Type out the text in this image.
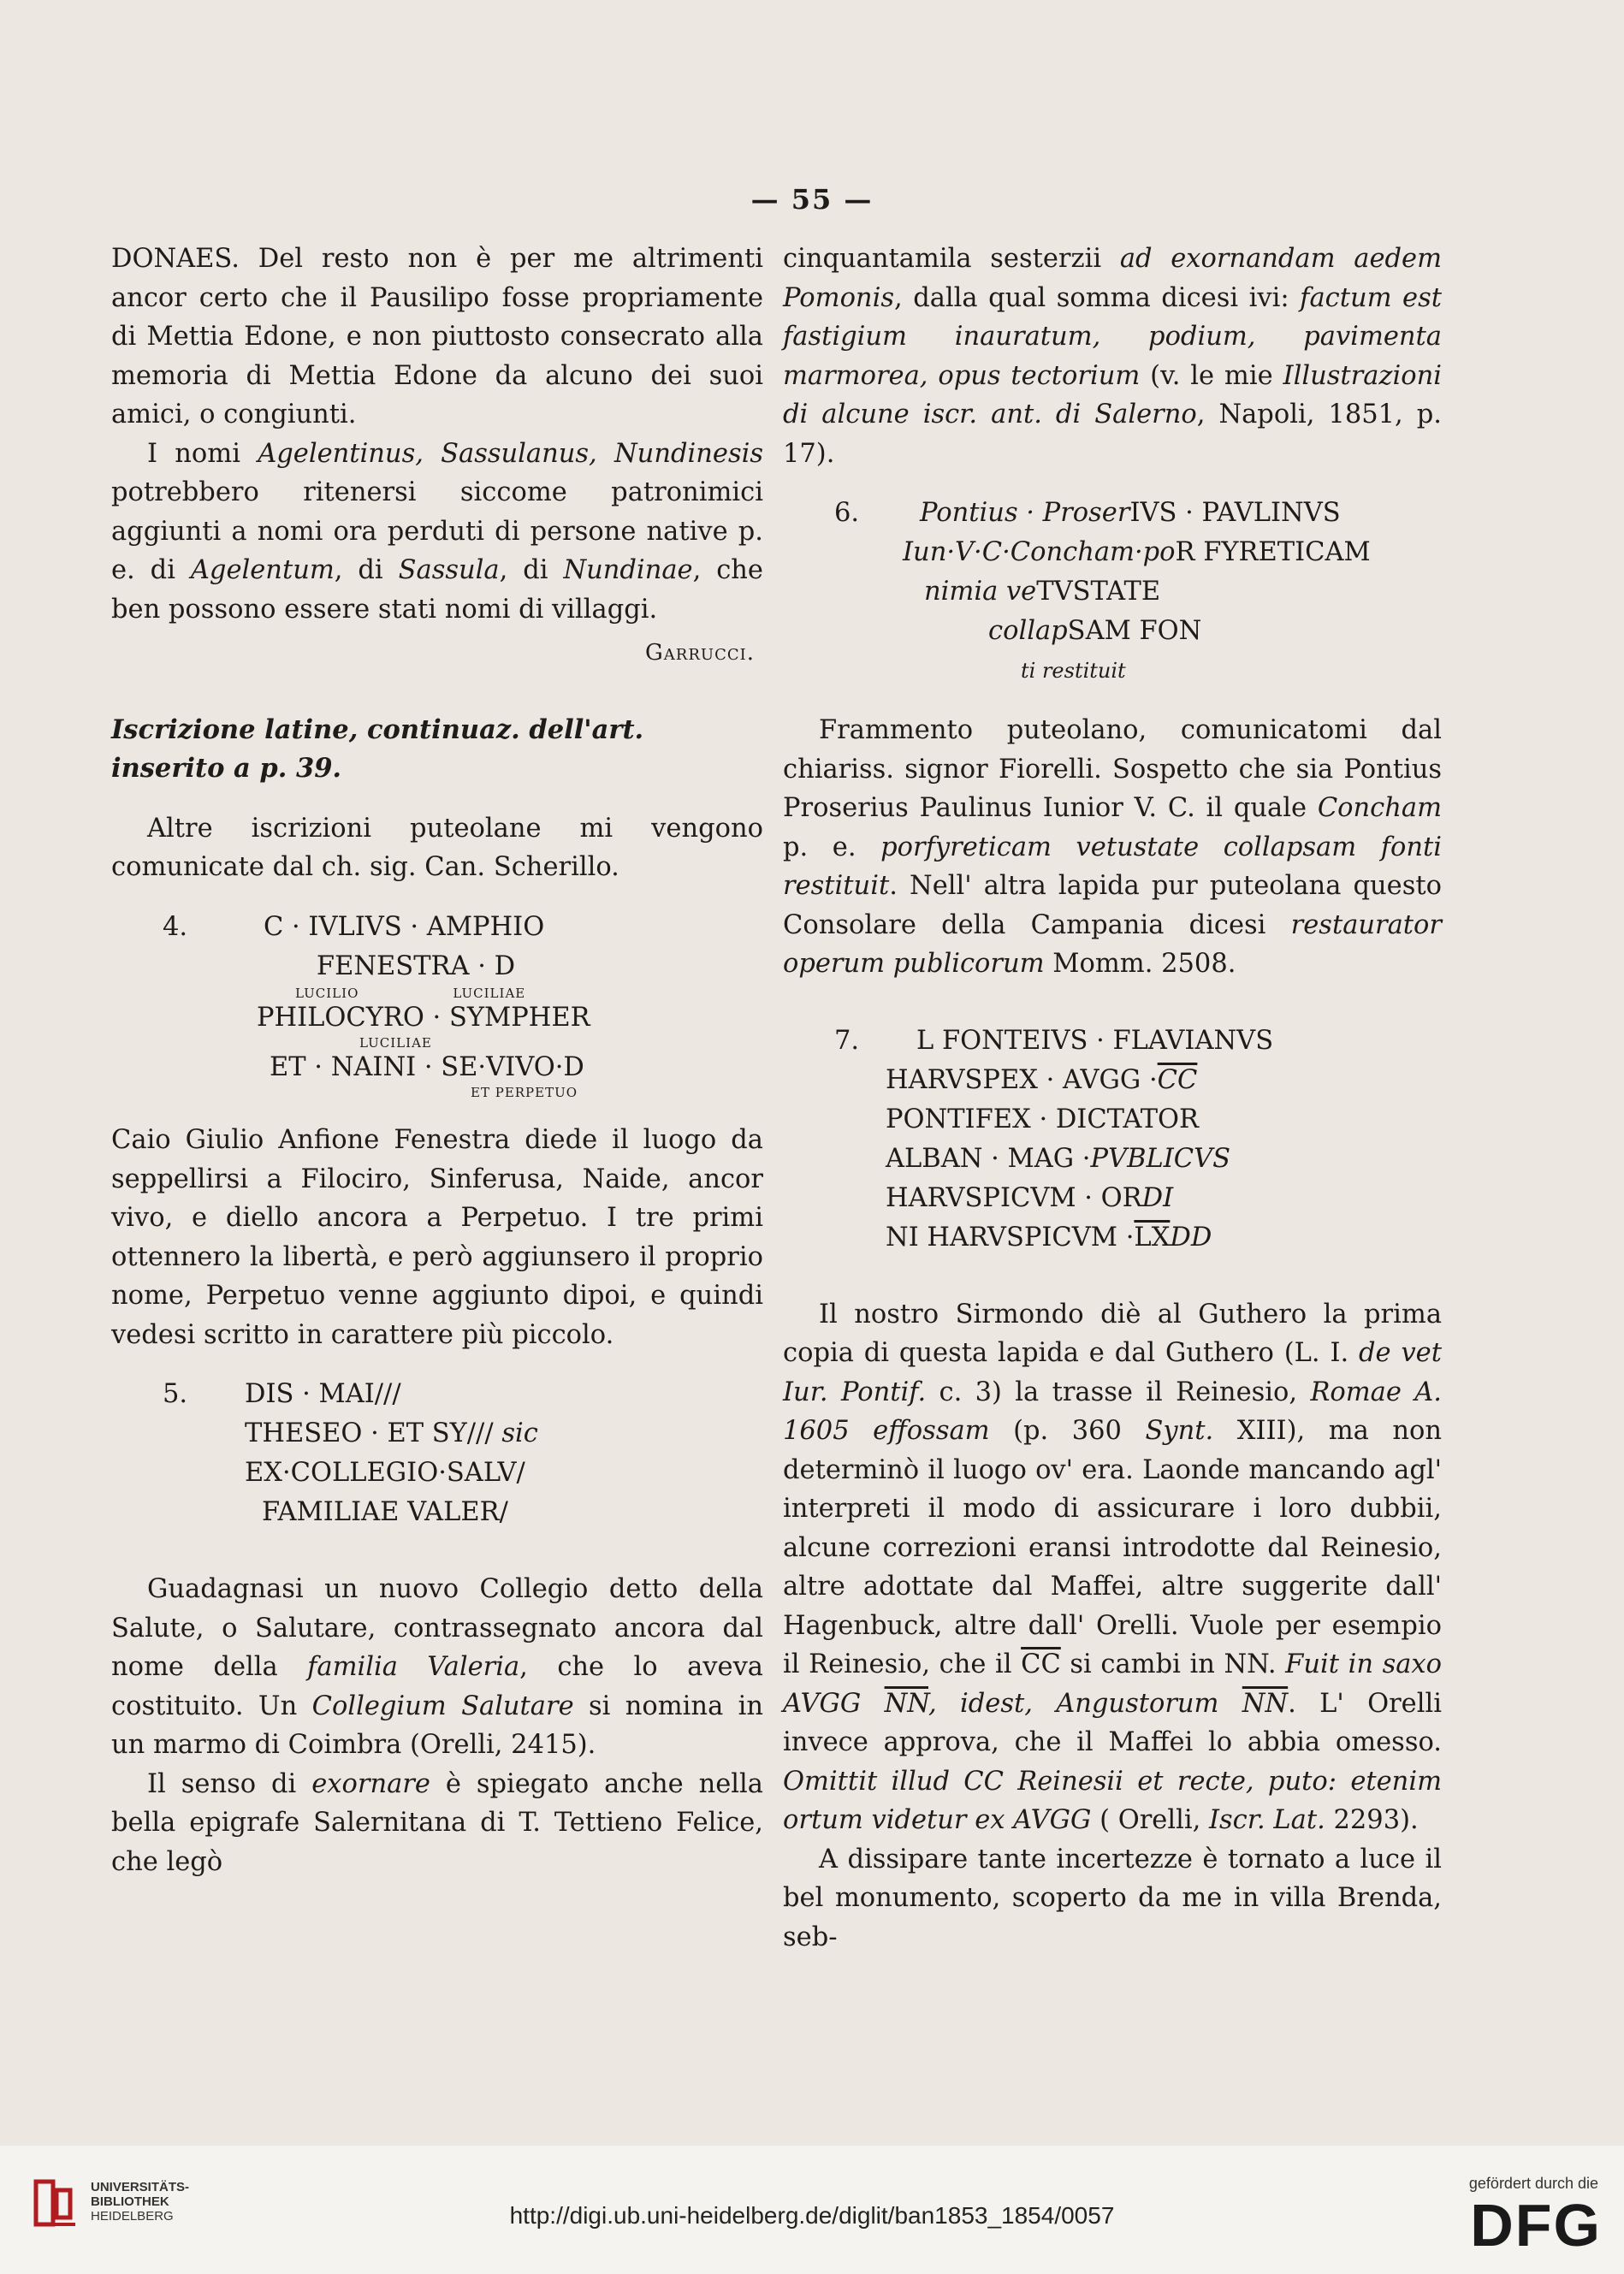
— 55 —

DONAES. Del resto non è per me altrimenti ancor certo che il Pausilipo fosse propriamente di Mettia Edone, e non piuttosto consecrato alla memoria di Mettia Edone da alcuno dei suoi amici, o congiunti.

I nomi Agelentinus, Sassulanus, Nundinesis potrebbero ritenersi siccome patronimici aggiunti a nomi ora perduti di persone native p. e. di Agelentum, di Sassula, di Nundinae, che ben possono essere stati nomi di villaggi.

Garrucci.

Iscrizione latine, continuaz. dell'art. inserito a p. 39.

Altre iscrizioni puteolane mi vengono comunicate dal ch. sig. Can. Scherillo.

4.	C · IVLIVS · AMPHIO
FENESTRA · D
LUCILIO	LUCILIAE
PHILOCYRO · SYMPHER
LUCILIAE
ET · NAINI · SE·VIVO·D
ET PERPETUO

Caio Giulio Anfione Fenestra diede il luogo da seppellirsi a Filociro, Sinferusa, Naide, ancor vivo, e diello ancora a Perpetuo. I tre primi ottennero la libertà, e però aggiunsero il proprio nome, Perpetuo venne aggiunto dipoi, e quindi vedesi scritto in carattere più piccolo.

5.	DIS · MAI///
THESEO · ET SY///
sic
EX·COLLEGIO·SALV/
FAMILIAE VALER/

Guadagnasi un nuovo Collegio detto della Salute, o Salutare, contrassegnato ancora dal nome della familia Valeria, che lo aveva costituito. Un Collegium Salutare si nomina in un marmo di Coimbra (Orelli, 2415).

Il senso di exornare è spiegato anche nella bella epigrafe Salernitana di T. Tettieno Felice, che legò

cinquantamila sesterzii ad exornandam aedem Pomonis, dalla qual somma dicesi ivi: factum est fastigium inauratum, podium, pavimenta marmorea, opus tectorium (v. le mie Illustrazioni di alcune iscr. ant. di Salerno, Napoli, 1851, p. 17).

6.	Pontius · ProserIVS · PAVLINVS
Iun·V·C·Concham·po R FYRETICAM
nimia ve TVSTATE
collap SAM FON
ti restituit

Frammento puteolano, comunicatomi dal chiariss. signor Fiorelli. Sospetto che sia Pontius Proserius Paulinus Iunior V. C. il quale Concham p. e. porfyreticam vetustate collapsam fonti restituit. Nell' altra lapida pur puteolana questo Consolare della Campania dicesi restaurator operum publicorum Momm. 2508.

7.	L FONTEIVS · FLAVIANVS
HARVSPEX · AVGG · $\overline{CC}$
PONTIFEX · DICTATOR
ALBAN · MAG · PVBLICVS
HARVSPICVM · OR DI
NI HARVSPICVM · $\overline{LX}$ DD

Il nostro Sirmondo diè al Guthero la prima copia di questa lapida e dal Guthero (L. I. de vet Iur. Pontif. c. 3) la trasse il Reinesio, Romae A. 1605 effossam (p. 360 Synt. XIII), ma non determinò il luogo ov' era. Laonde mancando agl' interpreti il modo di assicurare i loro dubbii, alcune correzioni eransi introdotte dal Reinesio, altre adottate dal Maffei, altre suggerite dall' Hagenbuck, altre dall' Orelli. Vuole per esempio il Reinesio, che il $\overline{CC}$ si cambi in NN. Fuit in saxo AVGG $\overline{NN}$, idest, Angustorum $\overline{NN}$. L' Orelli invece approva, che il Maffei lo abbia omesso. Omittit illud CC Reinesii et recte, puto: etenim ortum videtur ex AVGG ( Orelli, Iscr. Lat. 2293).

A dissipare tante incertezze è tornato a luce il bel monumento, scoperto da me in villa Brenda, seb-

UNIVERSITÄTS-
BIBLIOTHEK
HEIDELBERG	http://digi.ub.uni-heidelberg.de/diglit/ban1853_1854/0057
gefördert durch die
DFG
